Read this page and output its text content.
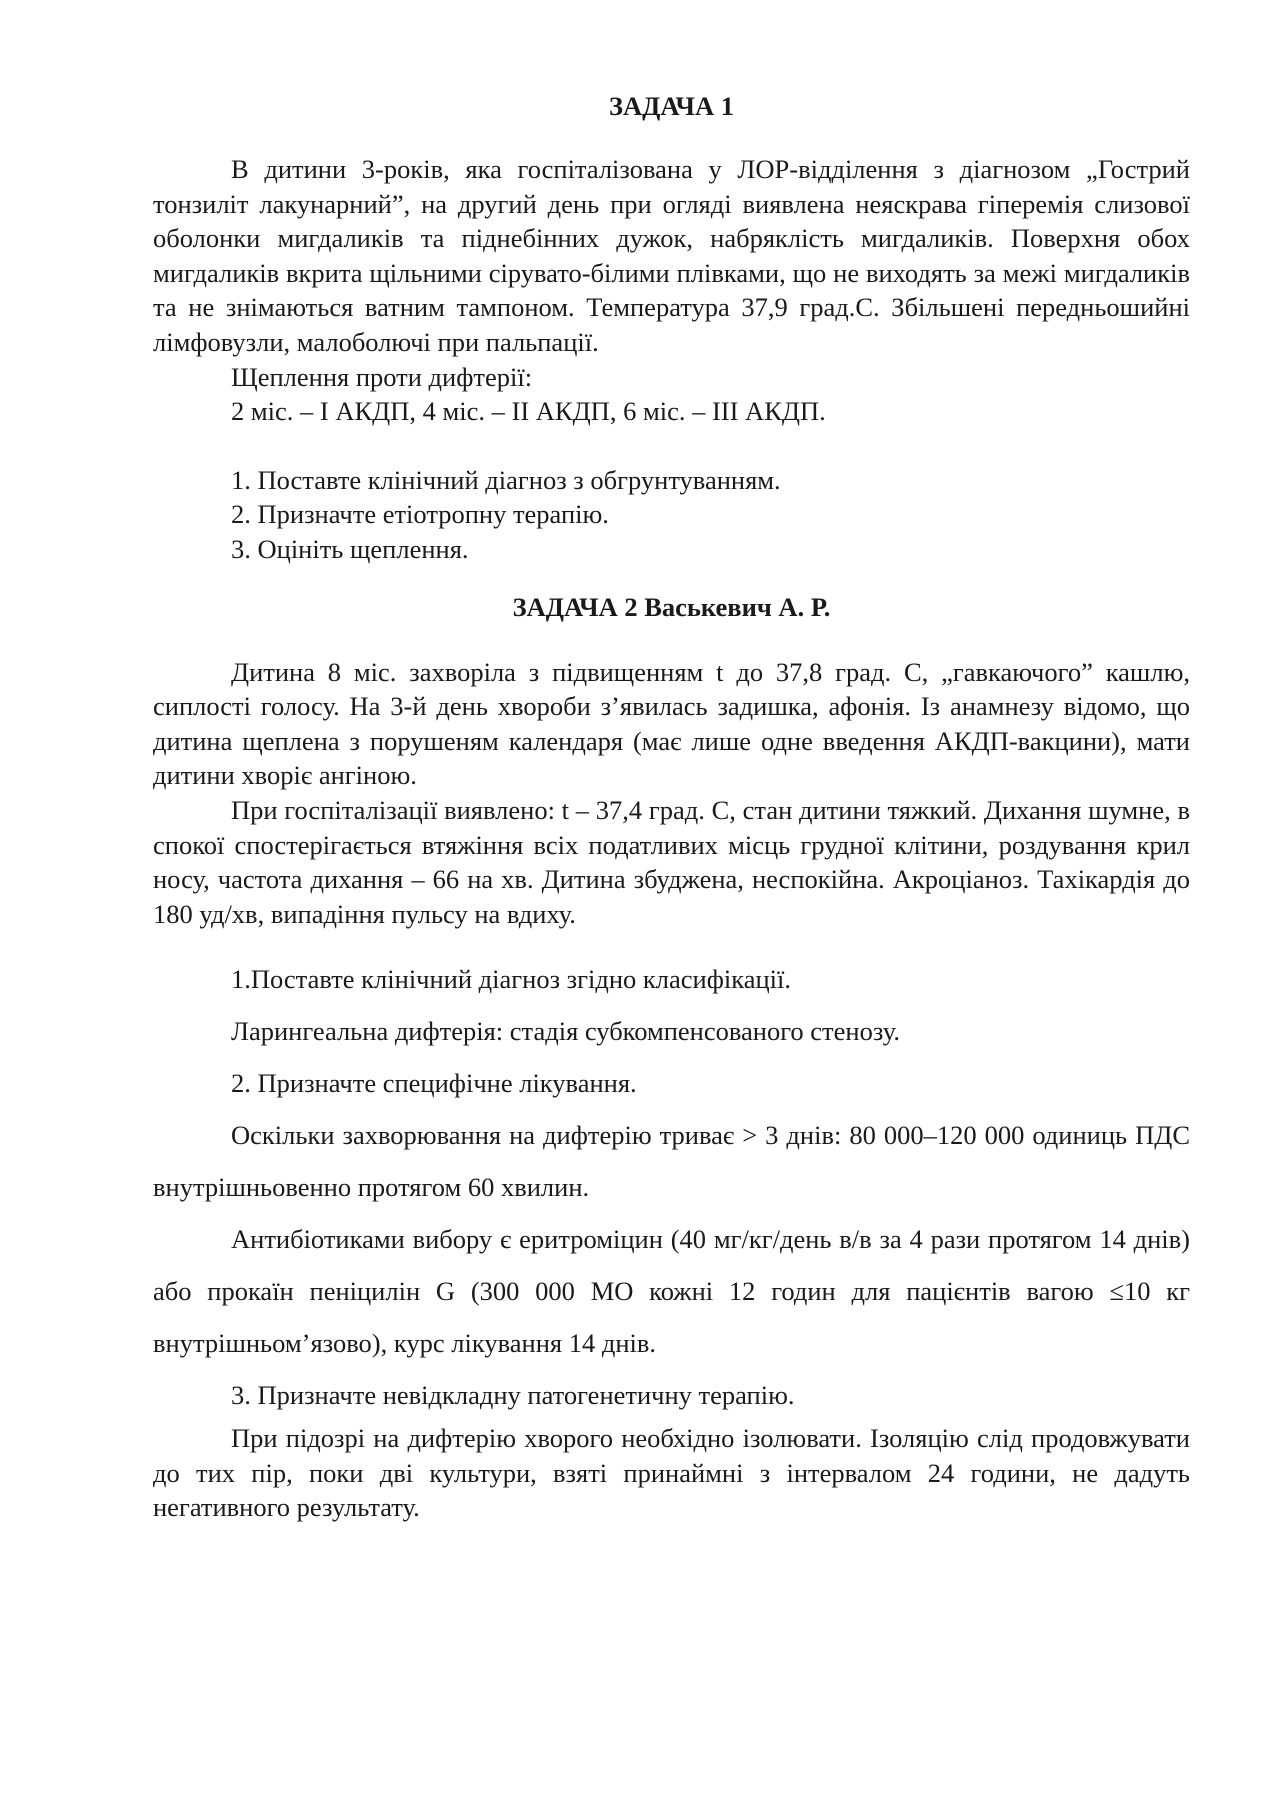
ЗАДАЧА 1

В дитини 3-років, яка госпіталізована у ЛОР-відділення з діагнозом „Гострий тонзиліт лакунарний”, на другий день при огляді виявлена неяскрава гіперемія слизової оболонки мигдаликів та піднебінних дужок, набряклість мигдаликів. Поверхня обох мигдаликів вкрита щільними сірувато-білими плівками, що не виходять за межі мигдаликів та не знімаються ватним тампоном. Температура 37,9 град.С. Збільшені передньошийні лімфовузли, малоболючі при пальпації.

Щеплення проти дифтерії:

2 міс. – І АКДП, 4 міс. – ІІ АКДП, 6 міс. – ІІІ АКДП.

1. Поставте клінічний діагноз з обгрунтуванням.

2. Призначте етіотропну терапію.

3. Оцініть щеплення.

ЗАДАЧА 2 Васькевич А. Р.

Дитина 8 міс. захворіла з підвищенням t до 37,8 град. С, „гавкаючого” кашлю, сиплості голосу. На 3-й день хвороби з’явилась задишка, афонія. Із анамнезу відомо, що дитина щеплена з порушеням календаря (має лише одне введення АКДП-вакцини), мати дитини хворіє ангіною.

При госпіталізації виявлено: t – 37,4 град. С, стан дитини тяжкий. Дихання шумне, в спокої спостерігається втяжіння всіх податливих місць грудної клітини, роздування крил носу, частота дихання – 66 на хв. Дитина збуджена, неспокійна. Акроціаноз. Тахікардія до 180 уд/хв, випадіння пульсу на вдиху.

1.Поставте клінічний діагноз згідно класифікації.

Ларингеальна дифтерія: стадія субкомпенсованого стенозу.

2. Призначте специфічне лікування.

Оскільки захворювання на дифтерію триває > 3 днів: 80 000–120 000 одиниць ПДС внутрішньовенно протягом 60 хвилин.

Антибіотиками вибору є еритроміцин (40 мг/кг/день в/в за 4 рази протягом 14 днів) або прокаїн пеніцилін G (300 000 МО кожні 12 годин для пацієнтів вагою ≤10 кг внутрішньом’язово), курс лікування 14 днів.

3. Призначте невідкладну патогенетичну терапію.

При підозрі на дифтерію хворого необхідно ізолювати. Ізоляцію слід продовжувати до тих пір, поки дві культури, взяті принаймні з інтервалом 24 години, не дадуть негативного результату.
